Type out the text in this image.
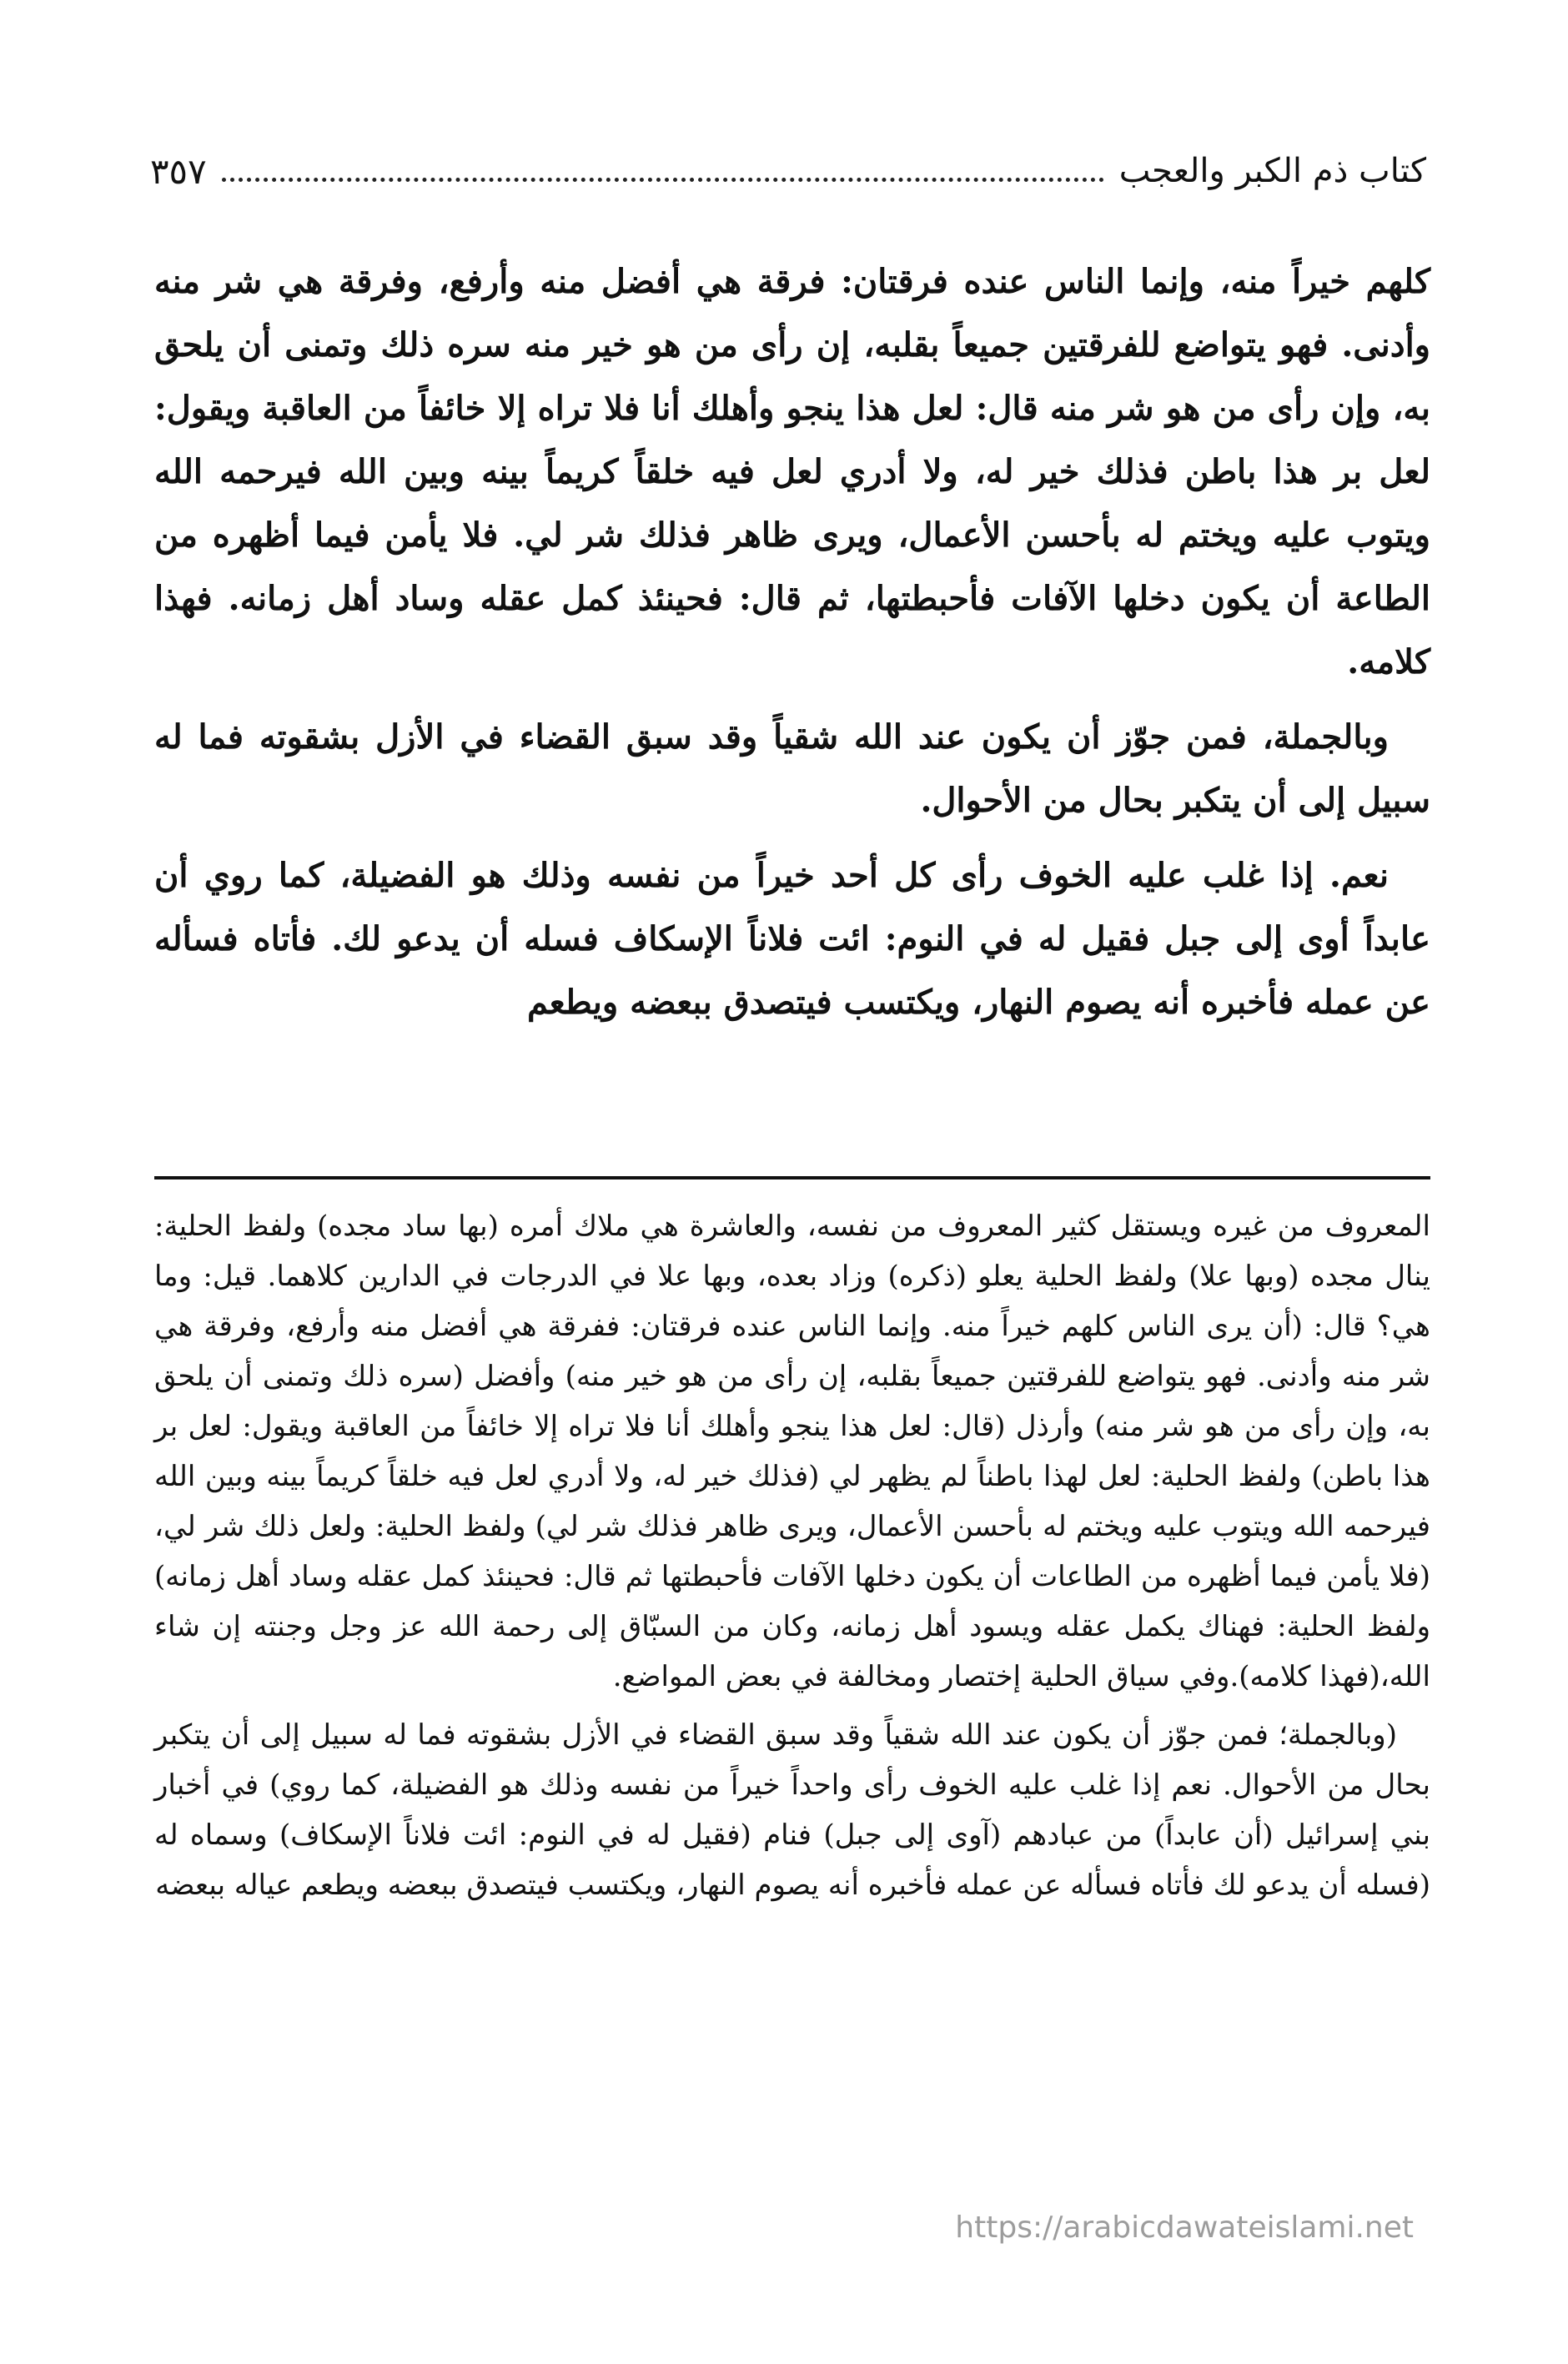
كتاب ذم الكبر والعجب
٣٥٧

كلهم خيراً منه، وإنما الناس عنده فرقتان: فرقة هي أفضل منه وأرفع، وفرقة هي شر منه وأدنى. فهو يتواضع للفرقتين جميعاً بقلبه، إن رأى من هو خير منه سره ذلك وتمنى أن يلحق به، وإن رأى من هو شر منه قال: لعل هذا ينجو وأهلك أنا فلا تراه إلا خائفاً من العاقبة ويقول: لعل بر هذا باطن فذلك خير له، ولا أدري لعل فيه خلقاً كريماً بينه وبين الله فيرحمه الله ويتوب عليه ويختم له بأحسن الأعمال، ويرى ظاهر فذلك شر لي. فلا يأمن فيما أظهره من الطاعة أن يكون دخلها الآفات فأحبطتها، ثم قال: فحينئذ كمل عقله وساد أهل زمانه. فهذا كلامه.

وبالجملة، فمن جوّز أن يكون عند الله شقياً وقد سبق القضاء في الأزل بشقوته فما له سبيل إلى أن يتكبر بحال من الأحوال.

نعم. إذا غلب عليه الخوف رأى كل أحد خيراً من نفسه وذلك هو الفضيلة، كما روي أن عابداً أوى إلى جبل فقيل له في النوم: ائت فلاناً الإسكاف فسله أن يدعو لك. فأتاه فسأله عن عمله فأخبره أنه يصوم النهار، ويكتسب فيتصدق ببعضه ويطعم

المعروف من غيره ويستقل كثير المعروف من نفسه، والعاشرة هي ملاك أمره (بها ساد مجده) ولفظ الحلية: ينال مجده (وبها علا) ولفظ الحلية يعلو (ذكره) وزاد بعده، وبها علا في الدرجات في الدارين كلاهما. قيل: وما هي؟ قال: (أن يرى الناس كلهم خيراً منه. وإنما الناس عنده فرقتان: ففرقة هي أفضل منه وأرفع، وفرقة هي شر منه وأدنى. فهو يتواضع للفرقتين جميعاً بقلبه، إن رأى من هو خير منه) وأفضل (سره ذلك وتمنى أن يلحق به، وإن رأى من هو شر منه) وأرذل (قال: لعل هذا ينجو وأهلك أنا فلا تراه إلا خائفاً من العاقبة ويقول: لعل بر هذا باطن) ولفظ الحلية: لعل لهذا باطناً لم يظهر لي (فذلك خير له، ولا أدري لعل فيه خلقاً كريماً بينه وبين الله فيرحمه الله ويتوب عليه ويختم له بأحسن الأعمال، ويرى ظاهر فذلك شر لي) ولفظ الحلية: ولعل ذلك شر لي، (فلا يأمن فيما أظهره من الطاعات أن يكون دخلها الآفات فأحبطتها ثم قال: فحينئذ كمل عقله وساد أهل زمانه) ولفظ الحلية: فهناك يكمل عقله ويسود أهل زمانه، وكان من السبّاق إلى رحمة الله عز وجل وجنته إن شاء الله،(فهذا كلامه).وفي سياق الحلية إختصار ومخالفة في بعض المواضع.

(وبالجملة؛ فمن جوّز أن يكون عند الله شقياً وقد سبق القضاء في الأزل بشقوته فما له سبيل إلى أن يتكبر بحال من الأحوال. نعم إذا غلب عليه الخوف رأى واحداً خيراً من نفسه وذلك هو الفضيلة، كما روي) في أخبار بني إسرائيل (أن عابداً) من عبادهم (آوى إلى جبل) فنام (فقيل له في النوم: ائت فلاناً الإسكاف) وسماه له (فسله أن يدعو لك فأتاه فسأله عن عمله فأخبره أنه يصوم النهار، ويكتسب فيتصدق ببعضه ويطعم عياله ببعضه

https://arabicdawateislami.net
